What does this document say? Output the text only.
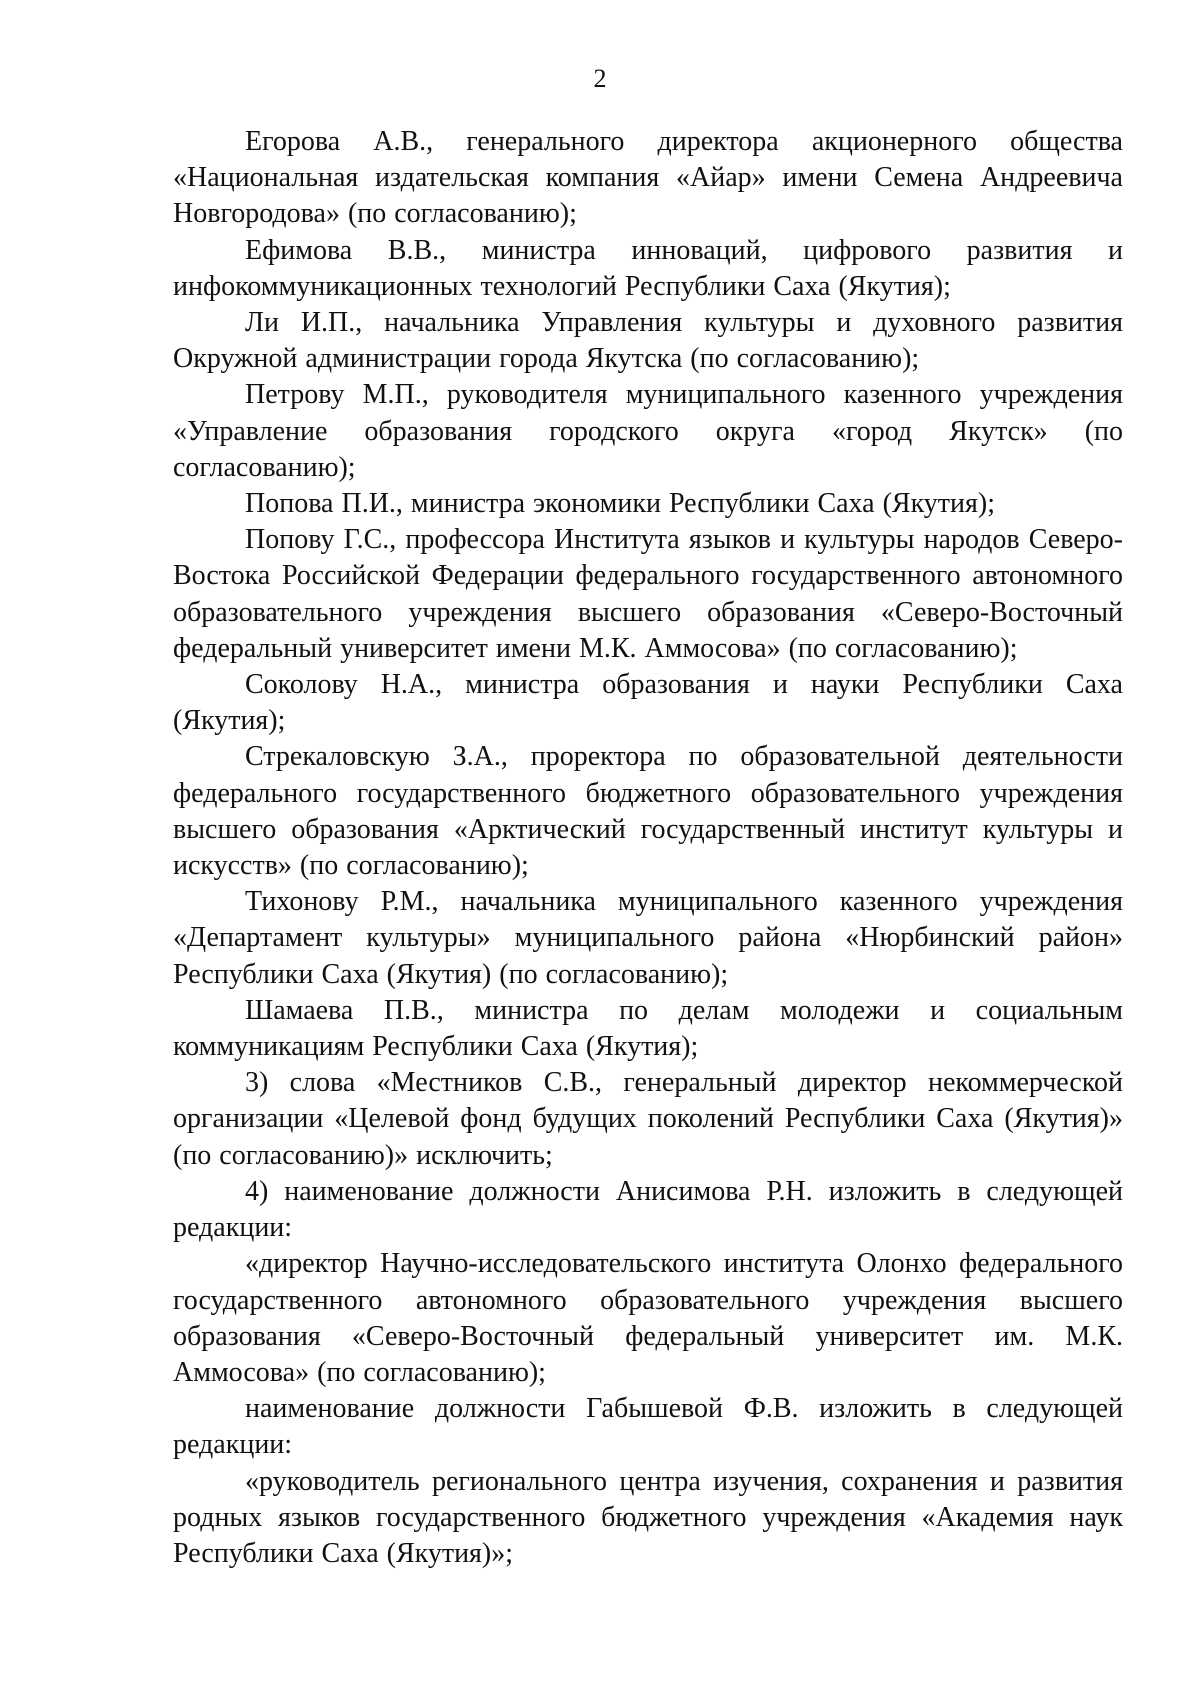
2

Егорова А.В., генерального директора акционерного общества «Национальная издательская компания «Айар» имени Семена Андреевича Новгородова» (по согласованию);

Ефимова В.В., министра инноваций, цифрового развития и инфокоммуникационных технологий Республики Саха (Якутия);

Ли И.П., начальника Управления культуры и духовного развития Окружной администрации города Якутска (по согласованию);

Петрову М.П., руководителя муниципального казенного учреждения «Управление образования городского округа «город Якутск» (по согласованию);

Попова П.И., министра экономики Республики Саха (Якутия);

Попову Г.С., профессора Института языков и культуры народов Северо-Востока Российской Федерации федерального государственного автономного образовательного учреждения высшего образования «Северо-Восточный федеральный университет имени М.К. Аммосова» (по согласованию);

Соколову Н.А., министра образования и науки Республики Саха (Якутия);

Стрекаловскую З.А., проректора по образовательной деятельности федерального государственного бюджетного образовательного учреждения высшего образования «Арктический государственный институт культуры и искусств» (по согласованию);

Тихонову Р.М., начальника муниципального казенного учреждения «Департамент культуры» муниципального района «Нюрбинский район» Республики Саха (Якутия) (по согласованию);

Шамаева П.В., министра по делам молодежи и социальным коммуникациям Республики Саха (Якутия);

3) слова «Местников С.В., генеральный директор некоммерческой организации «Целевой фонд будущих поколений Республики Саха (Якутия)» (по согласованию)» исключить;

4) наименование должности Анисимова Р.Н. изложить в следующей редакции:

«директор Научно-исследовательского института Олонхо федерального государственного автономного образовательного учреждения высшего образования «Северо-Восточный федеральный университет им. М.К. Аммосова» (по согласованию);

наименование должности Габышевой Ф.В. изложить в следующей редакции:

«руководитель регионального центра изучения, сохранения и развития родных языков государственного бюджетного учреждения «Академия наук Республики Саха (Якутия)»;
